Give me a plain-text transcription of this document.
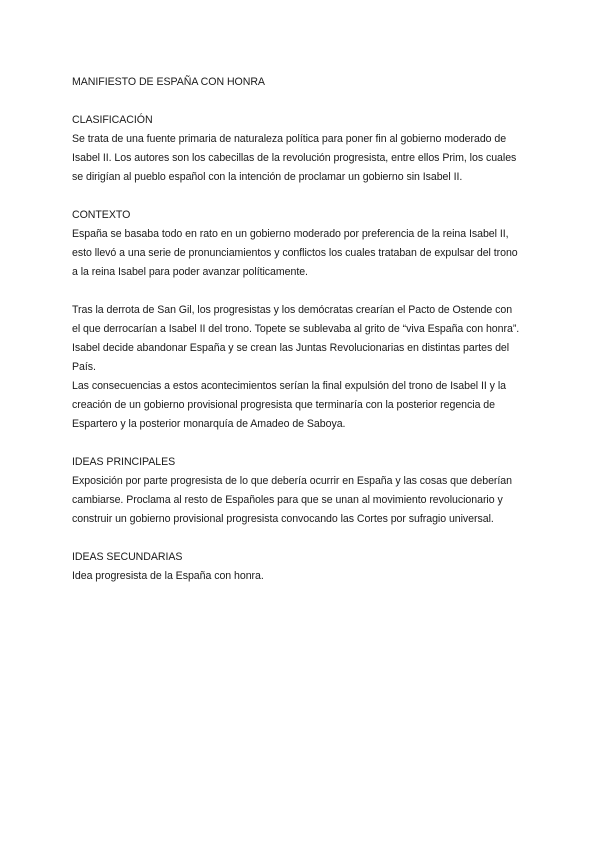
MANIFIESTO DE ESPAÑA CON HONRA
CLASIFICACIÓN

Se trata de una fuente primaria de naturaleza política para poner fin al gobierno moderado de Isabel II. Los autores son los cabecillas de la revolución progresista, entre ellos Prim, los cuales se dirigían al pueblo español con la intención de proclamar un gobierno sin Isabel II.

CONTEXTO

España se basaba todo en rato en un gobierno moderado por preferencia de la reina Isabel II, esto llevó a una serie de pronunciamientos y conflictos los cuales trataban de expulsar del trono a la reina Isabel para poder avanzar políticamente.

Tras la derrota de San Gil, los progresistas y los demócratas crearían el Pacto de Ostende con el que derrocarían a Isabel II del trono. Topete se sublevaba al grito de “viva España con honra”.

Isabel decide abandonar España y se crean las Juntas Revolucionarias en distintas partes del País.

Las consecuencias a estos acontecimientos serían la final expulsión del trono de Isabel II y la creación de un gobierno provisional progresista que terminaría con la posterior regencia de Espartero y la posterior monarquía de Amadeo de Saboya.

IDEAS PRINCIPALES

Exposición por parte progresista de lo que debería ocurrir en España y las cosas que deberían cambiarse. Proclama al resto de Españoles para que se unan al movimiento revolucionario y construir un gobierno provisional progresista convocando las Cortes por sufragio universal.

IDEAS SECUNDARIAS

Idea progresista de la España con honra.
